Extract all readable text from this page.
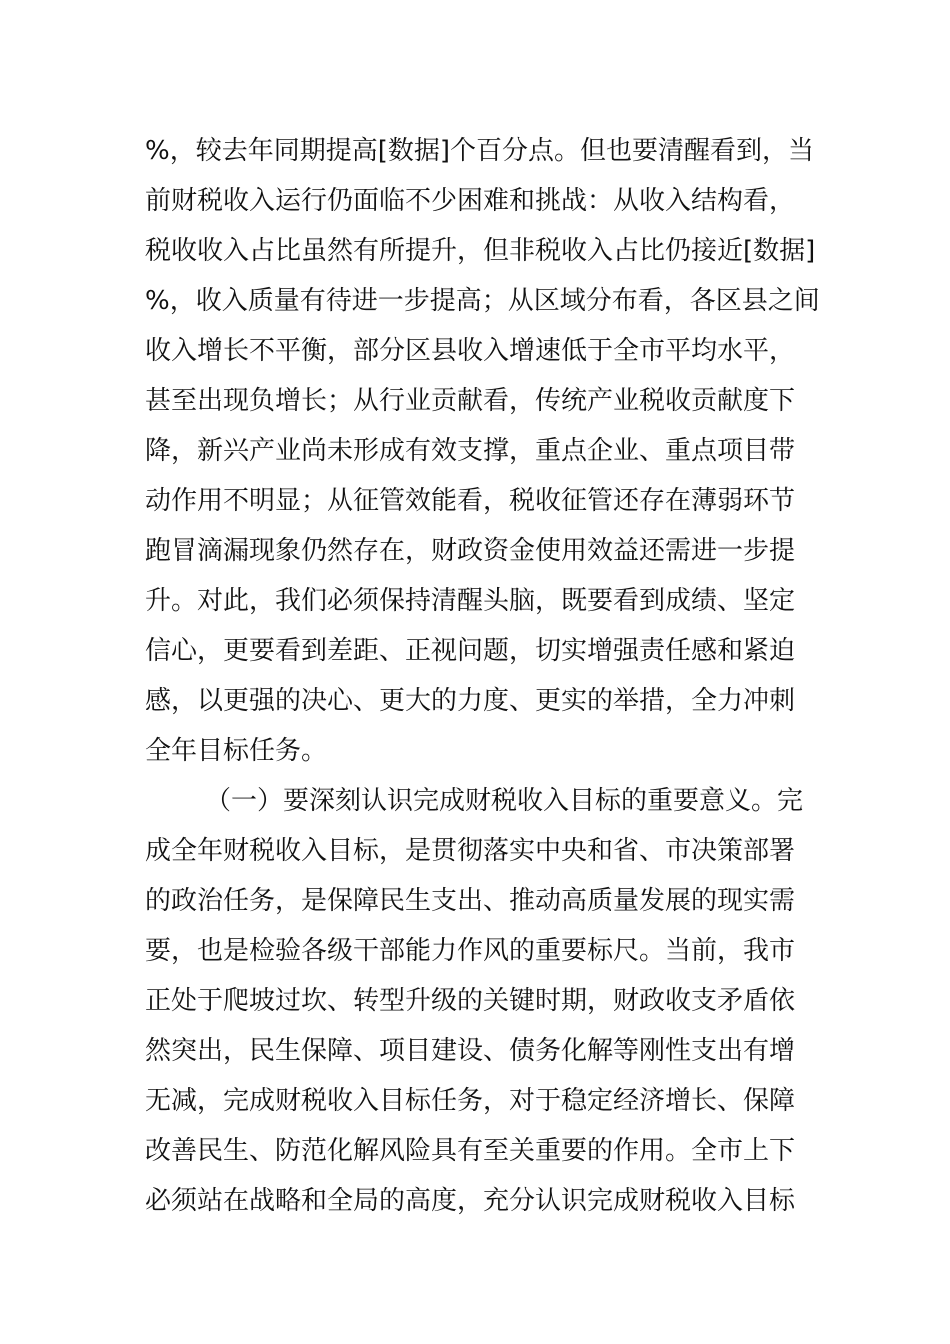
%，较去年同期提高[数据]个百分点。但也要清醒看到，当
前财税收入运行仍面临不少困难和挑战：从收入结构看，
税收收入占比虽然有所提升，但非税收入占比仍接近[数据]
%，收入质量有待进一步提高；从区域分布看，各区县之间
收入增长不平衡，部分区县收入增速低于全市平均水平，
甚至出现负增长；从行业贡献看，传统产业税收贡献度下
降，新兴产业尚未形成有效支撑，重点企业、重点项目带
动作用不明显；从征管效能看，税收征管还存在薄弱环节
跑冒滴漏现象仍然存在，财政资金使用效益还需进一步提
升。对此，我们必须保持清醒头脑，既要看到成绩、坚定
信心，更要看到差距、正视问题，切实增强责任感和紧迫
感，以更强的决心、更大的力度、更实的举措，全力冲刺
全年目标任务。
（一）要深刻认识完成财税收入目标的重要意义。完
成全年财税收入目标，是贯彻落实中央和省、市决策部署
的政治任务，是保障民生支出、推动高质量发展的现实需
要，也是检验各级干部能力作风的重要标尺。当前，我市
正处于爬坡过坎、转型升级的关键时期，财政收支矛盾依
然突出，民生保障、项目建设、债务化解等刚性支出有增
无减，完成财税收入目标任务，对于稳定经济增长、保障
改善民生、防范化解风险具有至关重要的作用。全市上下
必须站在战略和全局的高度，充分认识完成财税收入目标
